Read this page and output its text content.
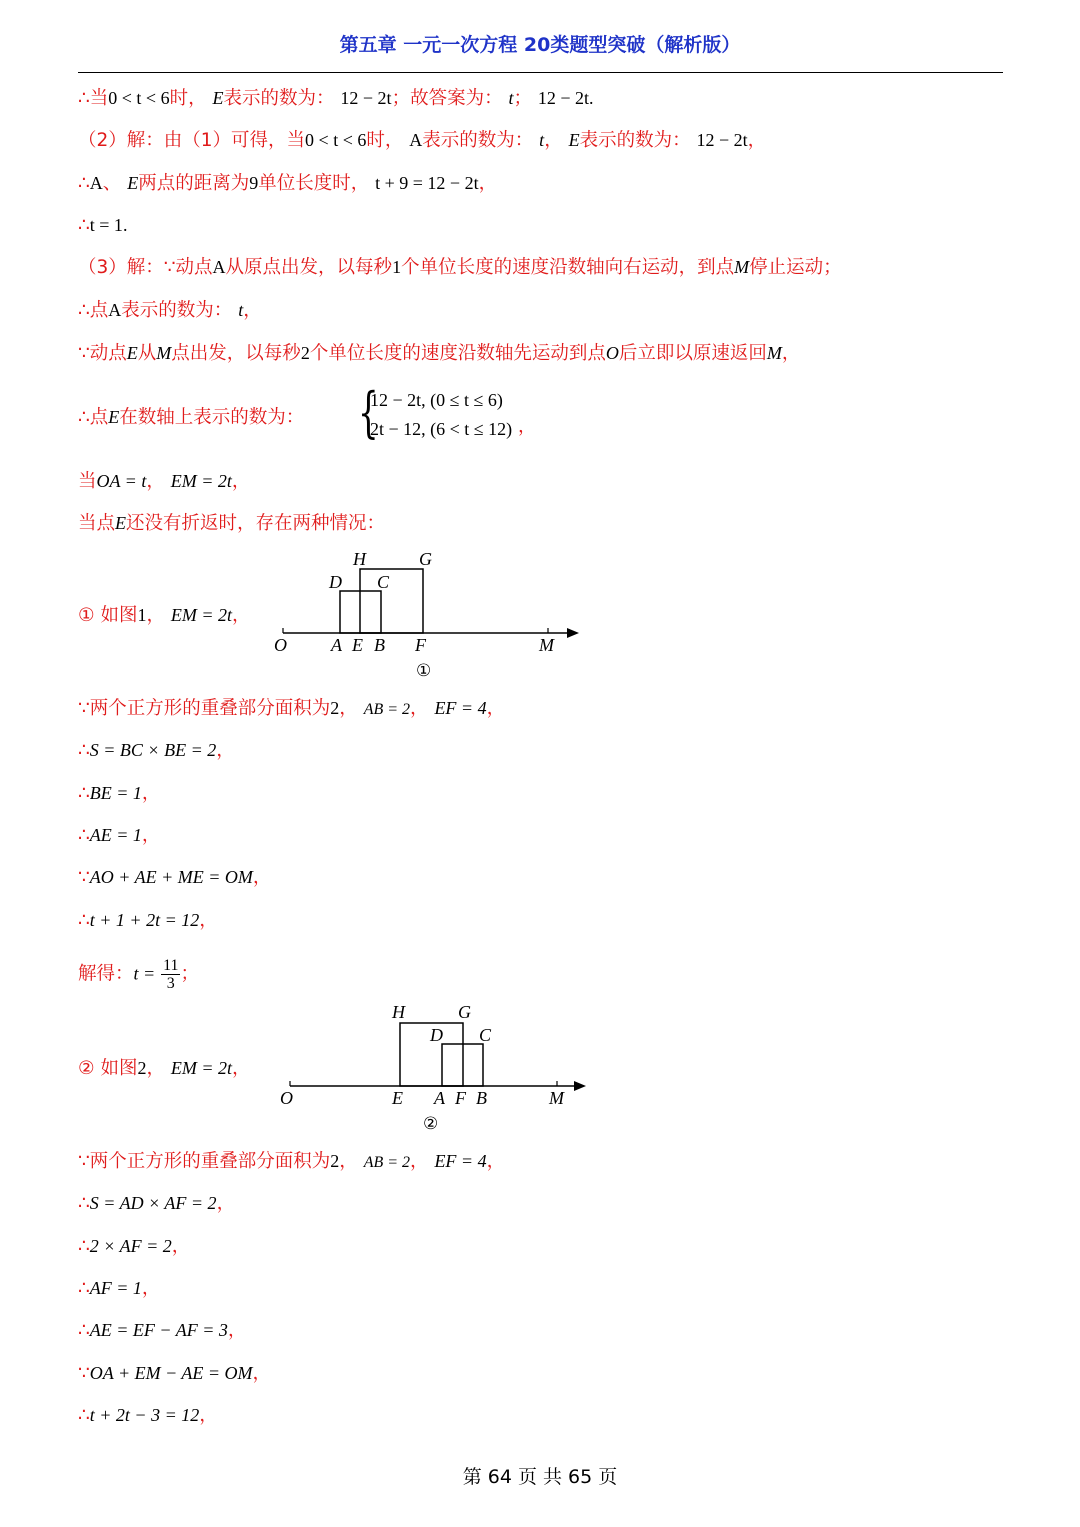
第五章 一元一次方程 20类题型突破（解析版）
∴当0 < t < 6时， E表示的数为： 12 − 2t；故答案为： t； 12 − 2t.
（2）解：由（1）可得，当0 < t < 6时， A表示的数为： t， E表示的数为： 12 − 2t，
∴A、 E两点的距离为9单位长度时， t + 9 = 12 − 2t，
∴t = 1.
（3）解：∵动点A从原点出发，以每秒1个单位长度的速度沿数轴向右运动，到点M停止运动；
∴点A表示的数为： t，
∵动点E从M点出发，以每秒2个单位长度的速度沿数轴先运动到点O后立即以原速返回M，
∴点E在数轴上表示的数为： {
12 − 2t, (0 ≤ t ≤ 6)
2t − 12, (6 < t ≤ 12) ，
当OA = t， EM = 2t，
当点E还没有折返时，存在两种情况：
① 如图1， EM = 2t，
H	G
D C
O A E B F	M
①
∵两个正方形的重叠部分面积为2， AB = 2， EF = 4，
∴S = BC × BE = 2，
∴BE = 1，
∴AE = 1，
∵AO + AE + ME = OM，
∴t + 1 + 2t = 12，
解得：$t = \frac{11}{3}$ ；
② 如图2， EM = 2t，
H	G
D C
O	E A F B	M
②
∵两个正方形的重叠部分面积为2， AB = 2， EF = 4，
∴S = AD × AF = 2，
∴2 × AF = 2，
∴AF = 1，
∴AE = EF − AF = 3，
∵OA + EM − AE = OM，
∴t + 2t − 3 = 12，
第 64 页 共 65 页
